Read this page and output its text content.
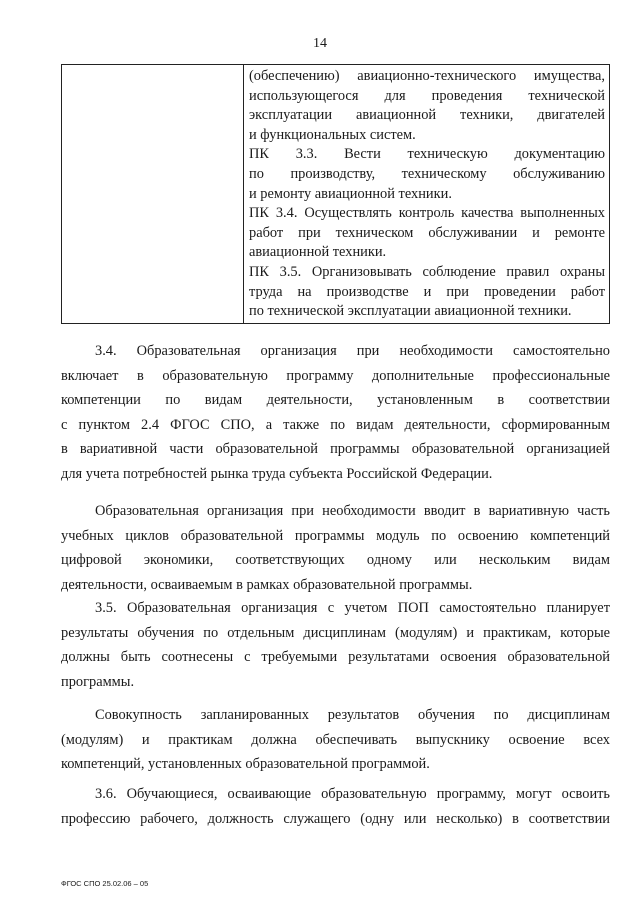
14
(обеспечению) авиационно-технического имущества,
использующегося для проведения технической
эксплуатации авиационной техники, двигателей
и функциональных систем.
ПК 3.3. Вести техническую документацию
по производству, техническому обслуживанию
и ремонту авиационной техники.
ПК 3.4. Осуществлять контроль качества выполненных
работ при техническом обслуживании и ремонте
авиационной техники.
ПК 3.5. Организовывать соблюдение правил охраны
труда на производстве и при проведении работ
по технической эксплуатации авиационной техники.
3.4. Образовательная организация при необходимости самостоятельно
включает в образовательную программу дополнительные профессиональные
компетенции по видам деятельности, установленным в соответствии
с пунктом 2.4 ФГОС СПО, а также по видам деятельности, сформированным
в вариативной части образовательной программы образовательной организацией
для учета потребностей рынка труда субъекта Российской Федерации.
Образовательная организация при необходимости вводит в вариативную часть
учебных циклов образовательной программы модуль по освоению компетенций
цифровой экономики, соответствующих одному или нескольким видам
деятельности, осваиваемым в рамках образовательной программы.
3.5. Образовательная организация с учетом ПОП самостоятельно планирует
результаты обучения по отдельным дисциплинам (модулям) и практикам, которые
должны быть соотнесены с требуемыми результатами освоения образовательной
программы.
Совокупность запланированных результатов обучения по дисциплинам
(модулям) и практикам должна обеспечивать выпускнику освоение всех
компетенций, установленных образовательной программой.
3.6. Обучающиеся, осваивающие образовательную программу, могут освоить
профессию рабочего, должность служащего (одну или несколько) в соответствии
ФГОС СПО 25.02.06 – 05
